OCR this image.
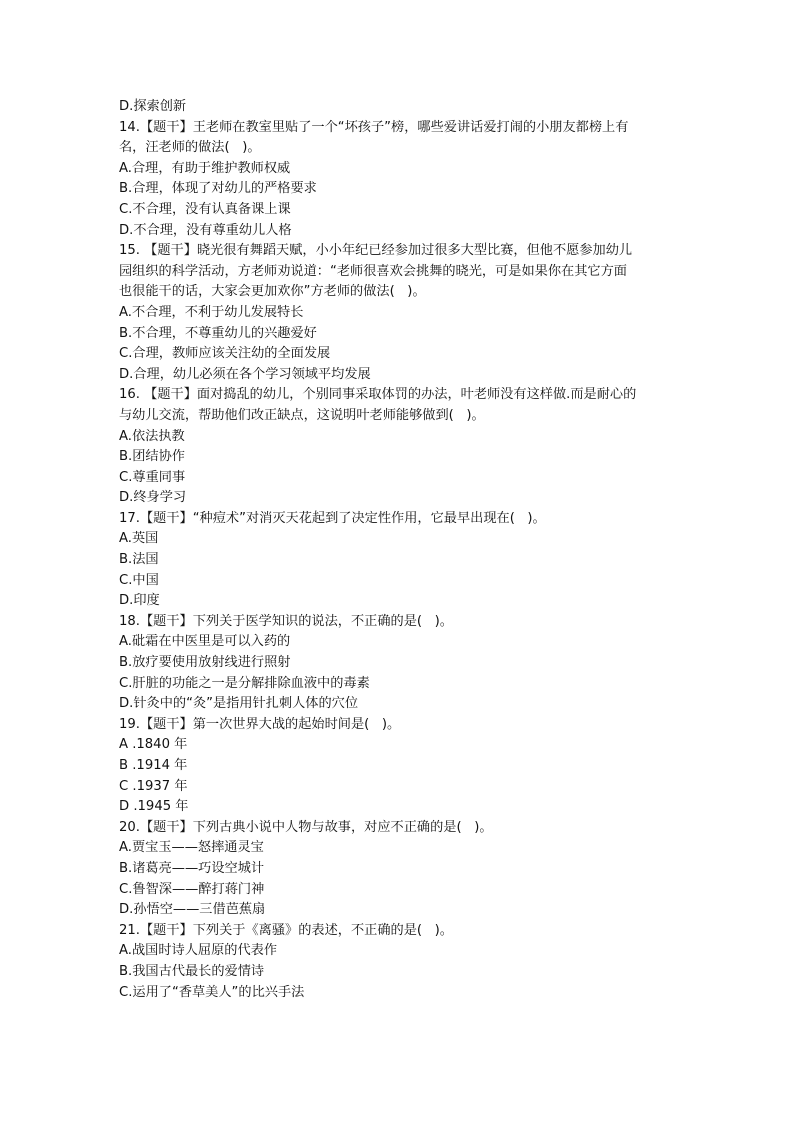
D.探索创新

14.【题干】王老师在教室里贴了一个“坏孩子”榜，哪些爱讲话爱打闹的小朋友都榜上有

名，汪老师的做法(   )。

A.合理，有助于维护教师权威

B.合理，体现了对幼儿的严格要求

C.不合理，没有认真备课上课

D.不合理，没有尊重幼儿人格

15. 【题干】晓光很有舞蹈天赋，小小年纪已经参加过很多大型比赛，但他不愿参加幼儿

园组织的科学活动，方老师劝说道：“老师很喜欢会挑舞的晓光，可是如果你在其它方面

也很能干的话，大家会更加欢你”方老师的做法(   )。

A.不合理，不利于幼儿发展特长

B.不合理，不尊重幼儿的兴趣爱好

C.合理，教师应该关注幼的全面发展

D.合理，幼儿必须在各个学习领域平均发展

16. 【题干】面对捣乱的幼儿，个别同事采取体罚的办法，叶老师没有这样做.而是耐心的

与幼儿交流，帮助他们改正缺点，这说明叶老师能够做到(   )。

A.依法执教

B.团结协作

C.尊重同事

D.终身学习

17.【题干】“种痘术”对消灭天花起到了决定性作用，它最早出现在(   )。

A.英国

B.法国

C.中国

D.印度

18.【题干】下列关于医学知识的说法，不正确的是(   )。

A.砒霜在中医里是可以入药的

B.放疗要使用放射线进行照射

C.肝脏的功能之一是分解排除血液中的毒素

D.针灸中的“灸”是指用针扎刺人体的穴位

19.【题干】第一次世界大战的起始时间是(   )。

A .1840 年

B .1914 年

C .1937 年

D .1945 年

20.【题干】下列古典小说中人物与故事，对应不正确的是(   )。

A.贾宝玉——怒摔通灵宝

B.诸葛亮——巧设空城计

C.鲁智深——醉打蒋门神

D.孙悟空——三借芭蕉扇

21.【题干】下列关于《离骚》的表述，不正确的是(   )。

A.战国时诗人屈原的代表作

B.我国古代最长的爱情诗

C.运用了“香草美人”的比兴手法
